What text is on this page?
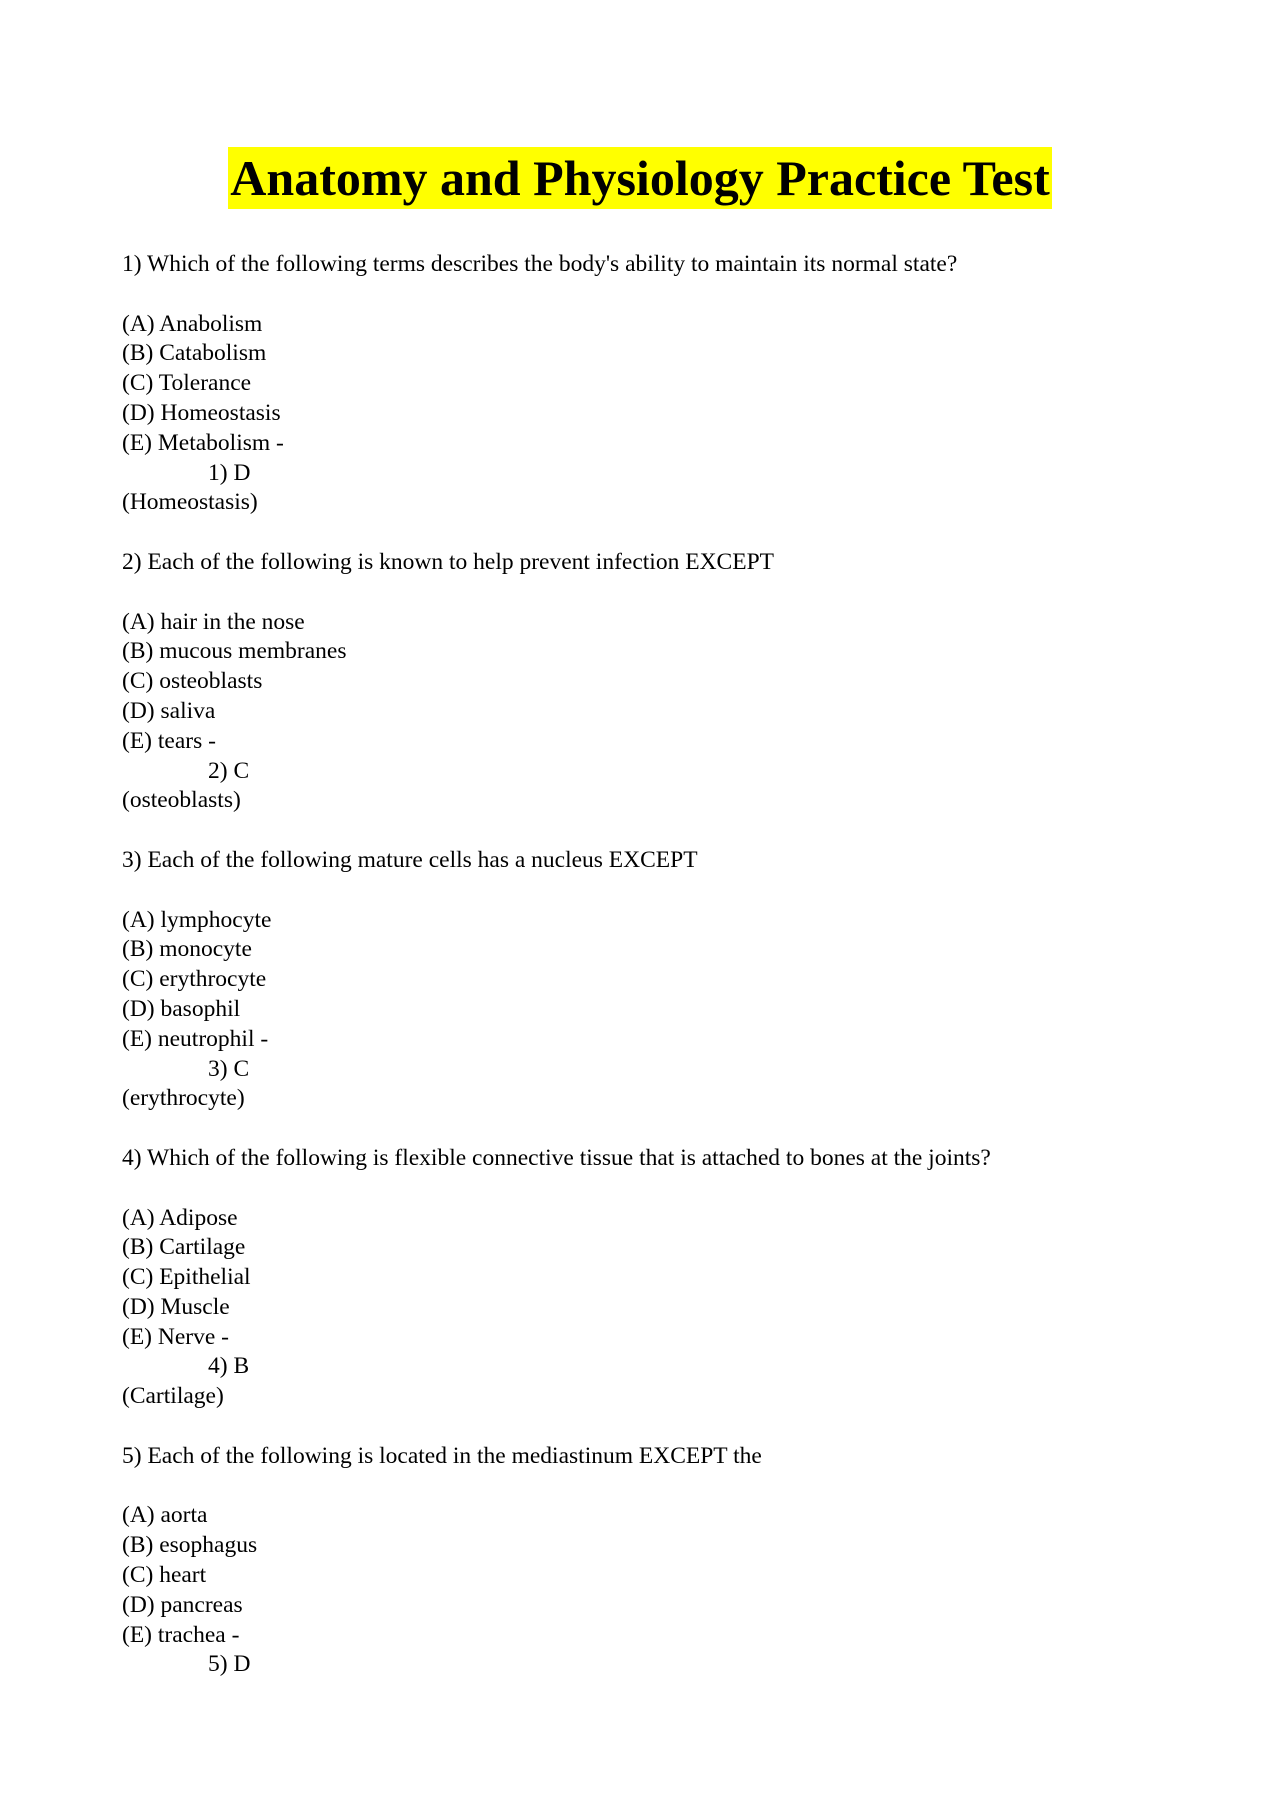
Anatomy and Physiology Practice Test

1) Which of the following terms describes the body's ability to maintain its normal state?

(A) Anabolism

(B) Catabolism

(C) Tolerance

(D) Homeostasis

(E) Metabolism -

1) D

(Homeostasis)

2) Each of the following is known to help prevent infection EXCEPT

(A) hair in the nose

(B) mucous membranes

(C) osteoblasts

(D) saliva

(E) tears -

2) C

(osteoblasts)

3) Each of the following mature cells has a nucleus EXCEPT

(A) lymphocyte

(B) monocyte

(C) erythrocyte

(D) basophil

(E) neutrophil -

3) C

(erythrocyte)

4) Which of the following is flexible connective tissue that is attached to bones at the joints?

(A) Adipose

(B) Cartilage

(C) Epithelial

(D) Muscle

(E) Nerve -

4) B

(Cartilage)

5) Each of the following is located in the mediastinum EXCEPT the

(A) aorta

(B) esophagus

(C) heart

(D) pancreas

(E) trachea -

5) D
